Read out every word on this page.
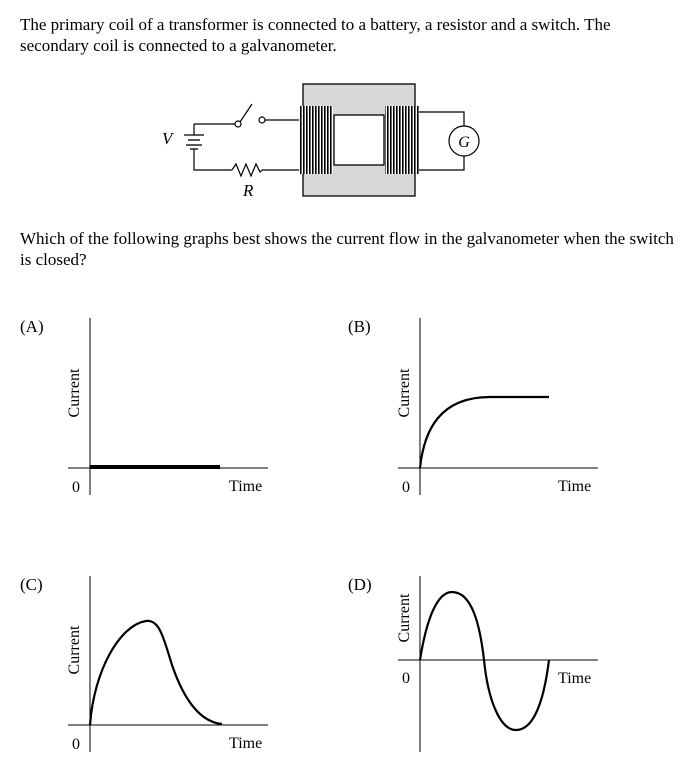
The primary coil of a transformer is connected to a battery, a resistor and a switch. The secondary coil is connected to a galvanometer.

Which of the following graphs best shows the current flow in the galvanometer when the switch is closed?

V
R
G
(A)
Current
0	Time
(B)
Current
0	Time
(C)
Current
0	Time
(D)
Current
0	Time
